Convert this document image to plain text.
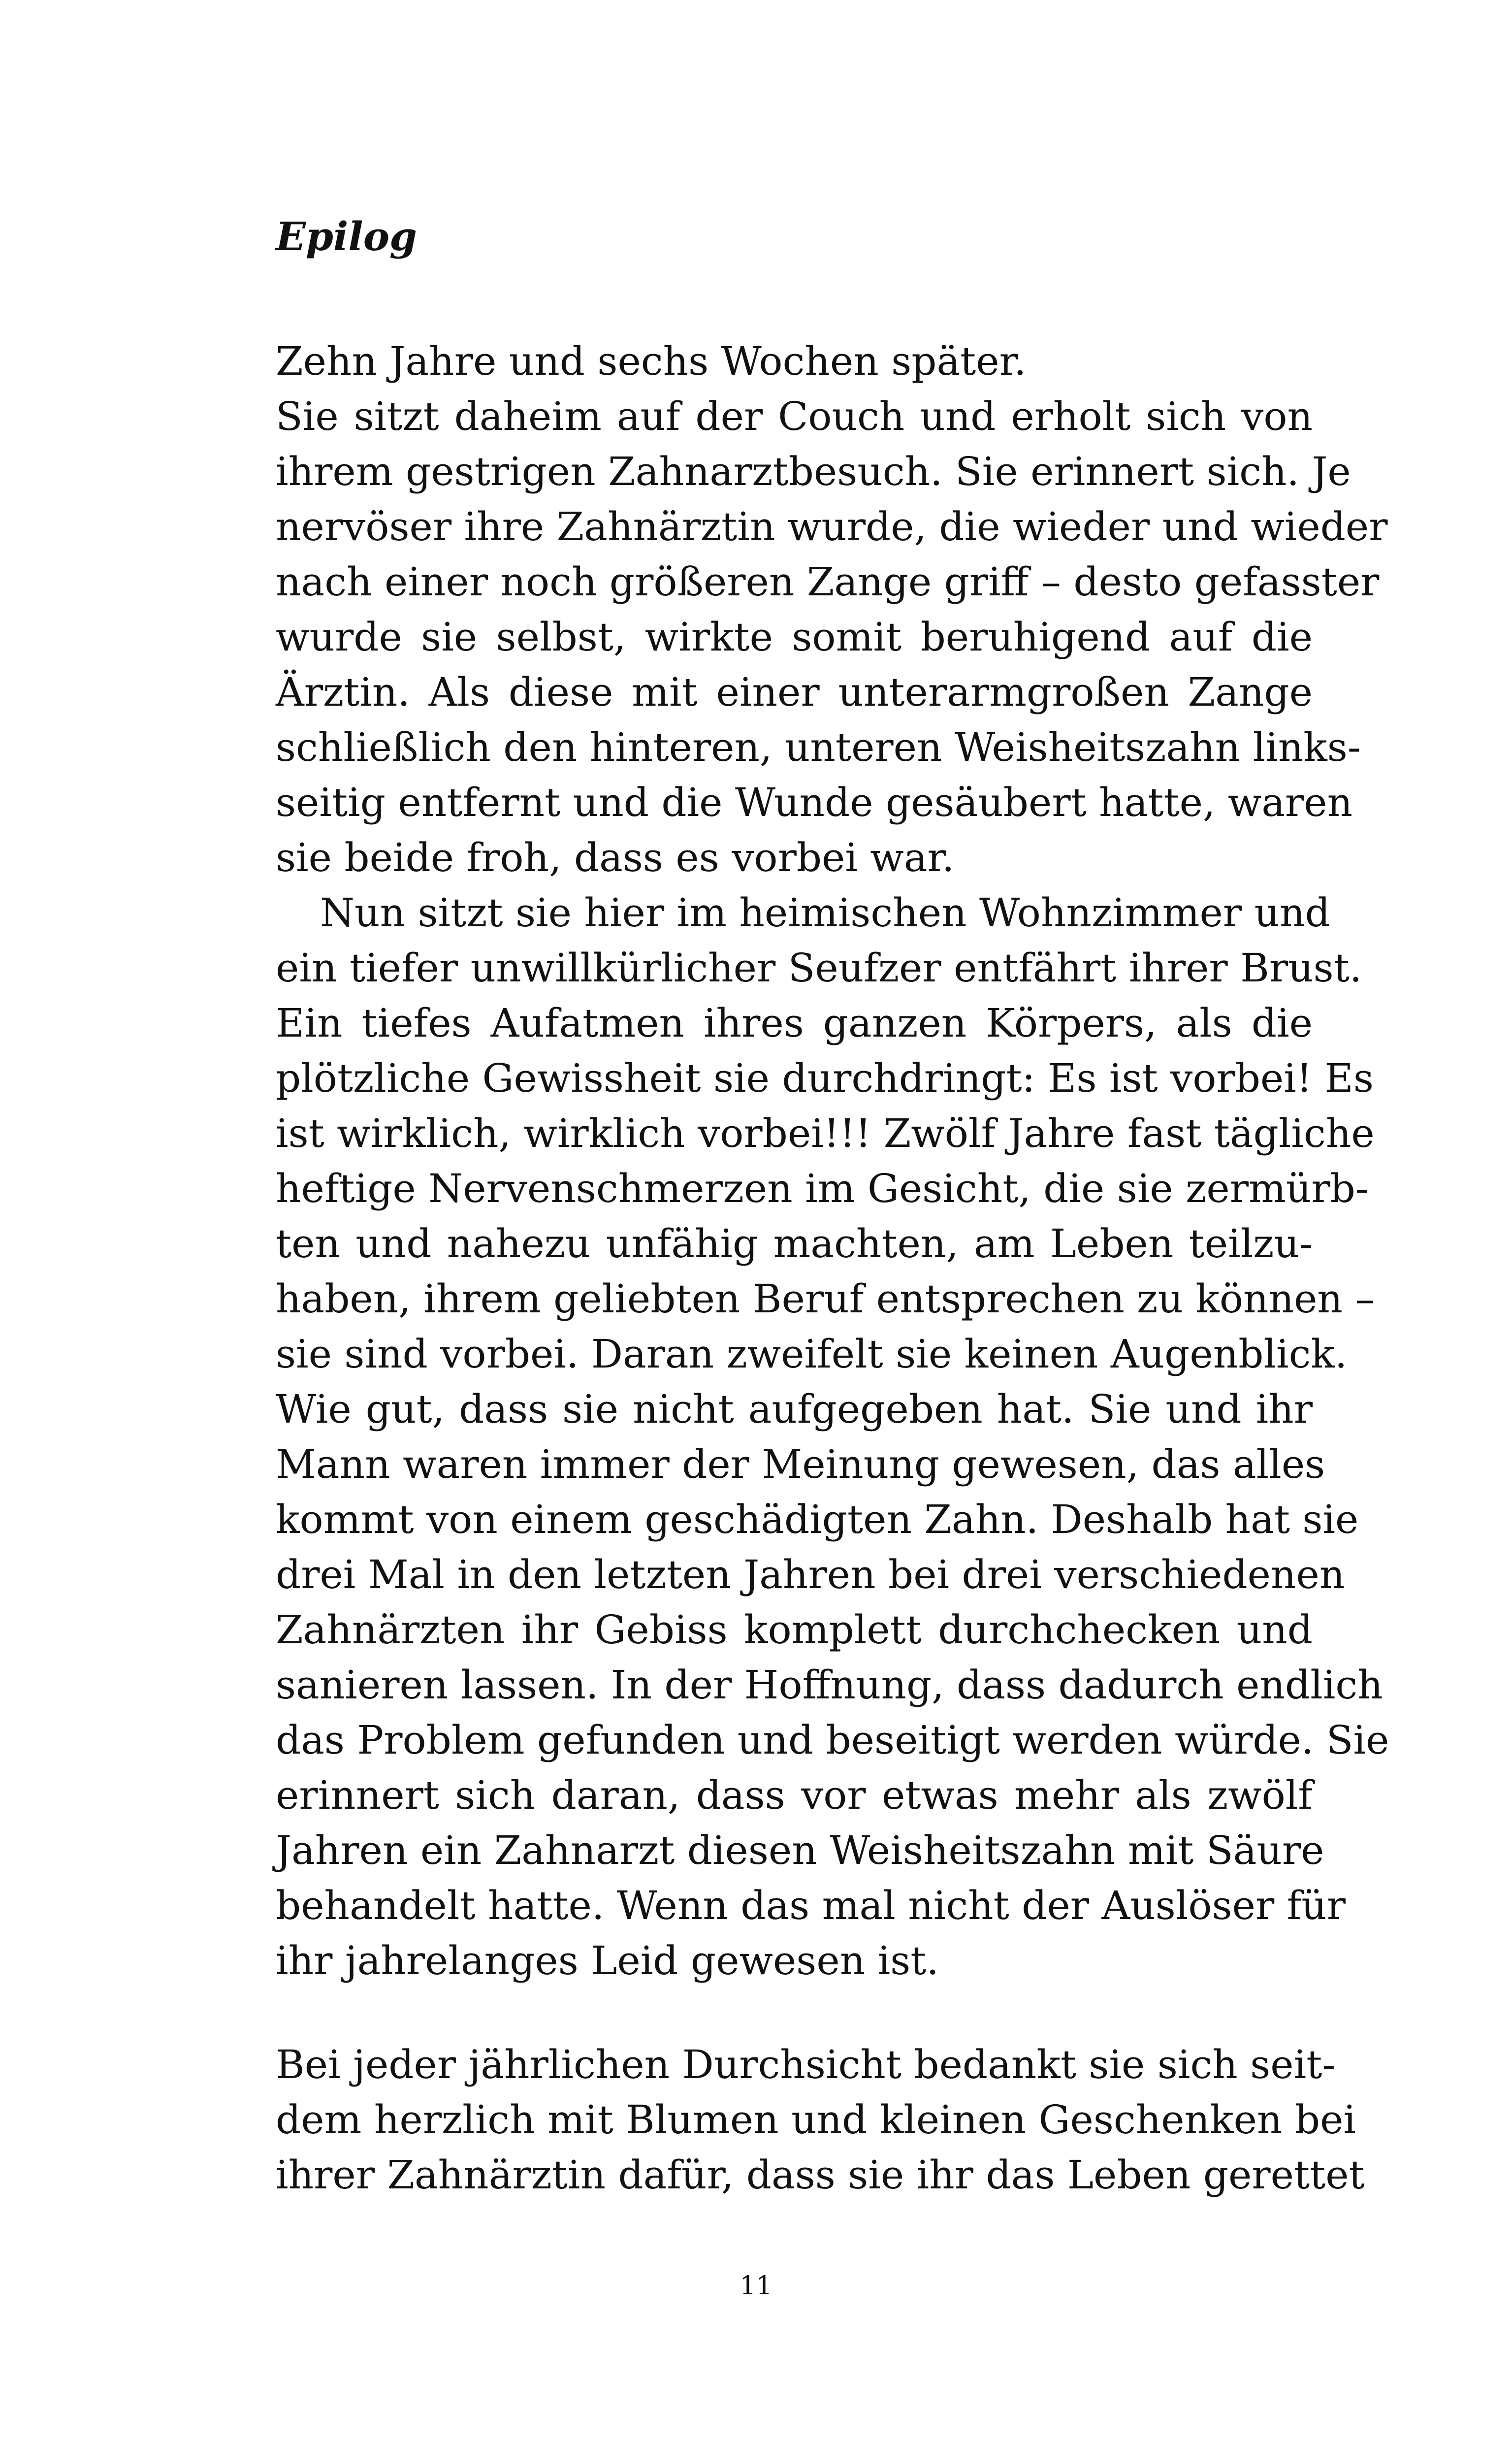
Epilog
Zehn Jahre und sechs Wochen später.
Sie sitzt daheim auf der Couch und erholt sich von
ihrem gestrigen Zahnarztbesuch. Sie erinnert sich. Je
nervöser ihre Zahnärztin wurde, die wieder und wieder
nach einer noch größeren Zange griff – desto gefasster
wurde sie selbst, wirkte somit beruhigend auf die
Ärztin. Als diese mit einer unterarmgroßen Zange
schließlich den hinteren, unteren Weisheitszahn links-
seitig entfernt und die Wunde gesäubert hatte, waren
sie beide froh, dass es vorbei war.
Nun sitzt sie hier im heimischen Wohnzimmer und
ein tiefer unwillkürlicher Seufzer entfährt ihrer Brust.
Ein tiefes Aufatmen ihres ganzen Körpers, als die
plötzliche Gewissheit sie durchdringt: Es ist vorbei! Es
ist wirklich, wirklich vorbei!!! Zwölf Jahre fast tägliche
heftige Nervenschmerzen im Gesicht, die sie zermürb-
ten und nahezu unfähig machten, am Leben teilzu-
haben, ihrem geliebten Beruf entsprechen zu können –
sie sind vorbei. Daran zweifelt sie keinen Augenblick.
Wie gut, dass sie nicht aufgegeben hat. Sie und ihr
Mann waren immer der Meinung gewesen, das alles
kommt von einem geschädigten Zahn. Deshalb hat sie
drei Mal in den letzten Jahren bei drei verschiedenen
Zahnärzten ihr Gebiss komplett durchchecken und
sanieren lassen. In der Hoffnung, dass dadurch endlich
das Problem gefunden und beseitigt werden würde. Sie
erinnert sich daran, dass vor etwas mehr als zwölf
Jahren ein Zahnarzt diesen Weisheitszahn mit Säure
behandelt hatte. Wenn das mal nicht der Auslöser für
ihr jahrelanges Leid gewesen ist.
Bei jeder jährlichen Durchsicht bedankt sie sich seit-
dem herzlich mit Blumen und kleinen Geschenken bei
ihrer Zahnärztin dafür, dass sie ihr das Leben gerettet
11
